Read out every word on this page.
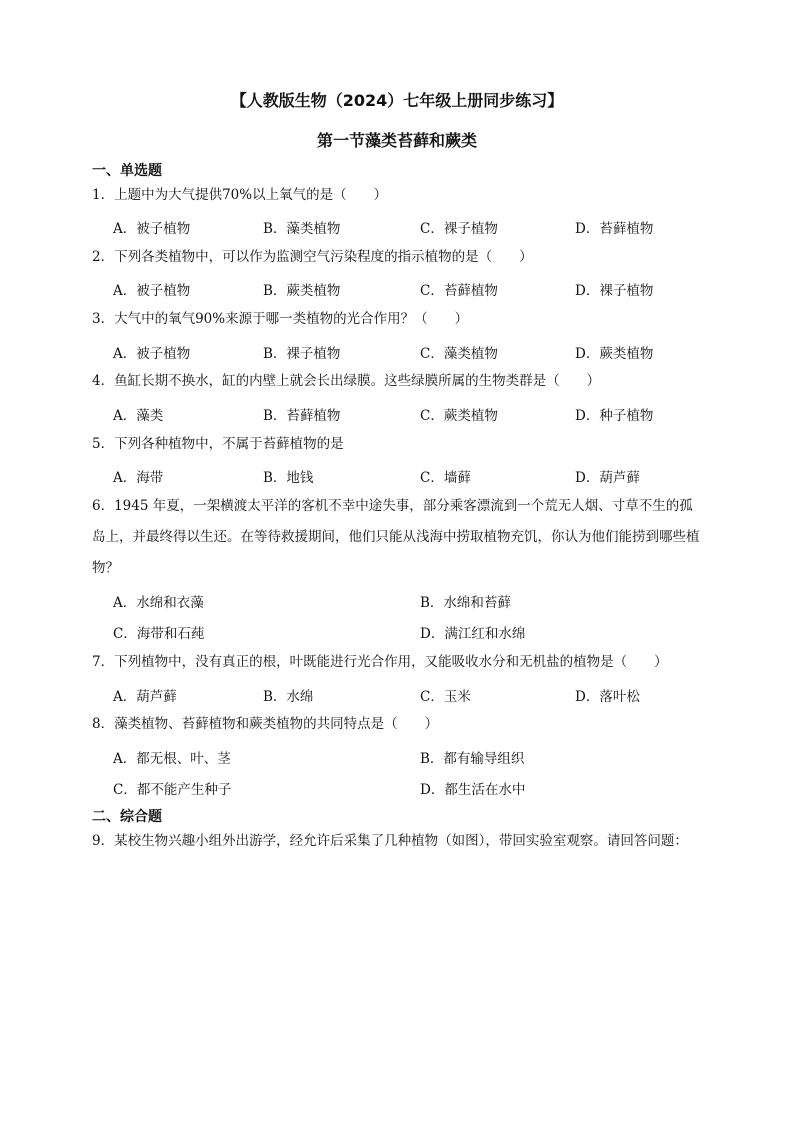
【人教版生物（2024）七年级上册同步练习】
第一节藻类苔藓和蕨类
一、单选题
1．上题中为大气提供70%以上氧气的是（　　）
A．被子植物	B．藻类植物	C．裸子植物	D．苔藓植物
2．下列各类植物中，可以作为监测空气污染程度的指示植物的是（　　）
A．被子植物	B．蕨类植物	C．苔藓植物	D．裸子植物
3．大气中的氧气90%来源于哪一类植物的光合作用？（　　）
A．被子植物	B．裸子植物	C．藻类植物	D．蕨类植物
4．鱼缸长期不换水，缸的内壁上就会长出绿膜。这些绿膜所属的生物类群是（　　）
A．藻类	B．苔藓植物	C．蕨类植物	D．种子植物
5．下列各种植物中，不属于苔藓植物的是
A．海带	B．地钱	C．墙藓	D．葫芦藓
6．1945 年夏，一架横渡太平洋的客机不幸中途失事，部分乘客漂流到一个荒无人烟、寸草不生的孤岛上，并最终得以生还。在等待救援期间，他们只能从浅海中捞取植物充饥，你认为他们能捞到哪些植物？
A．水绵和衣藻	B．水绵和苔藓
C．海带和石莼	D．满江红和水绵
7．下列植物中，没有真正的根，叶既能进行光合作用，又能吸收水分和无机盐的植物是（　　）
A．葫芦藓	B．水绵	C．玉米	D．落叶松
8．藻类植物、苔藓植物和蕨类植物的共同特点是（　　）
A．都无根、叶、茎	B．都有输导组织
C．都不能产生种子	D．都生活在水中
二、综合题
9．某校生物兴趣小组外出游学，经允许后采集了几种植物（如图），带回实验室观察。请回答问题：
